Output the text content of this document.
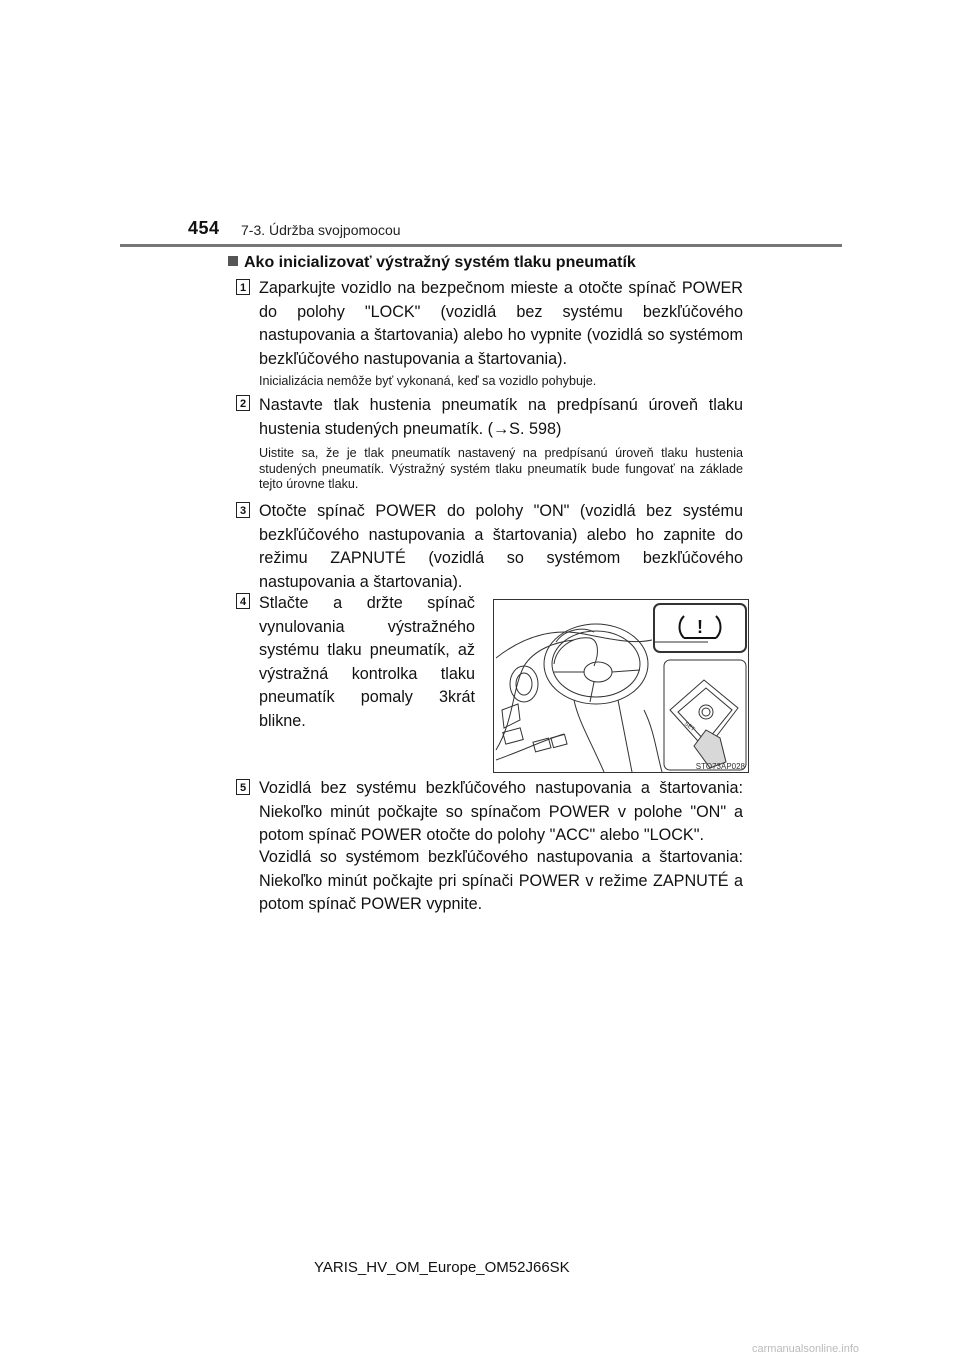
454 7-3. Údržba svojpomocou
Ako inicializovať výstražný systém tlaku pneumatík
1 Zaparkujte vozidlo na bezpečnom mieste a otočte spínač POWER do polohy "LOCK" (vozidlá bez systému bezkľúčového nastupovania a štartovania) alebo ho vypnite (vozidlá so systémom bezkľúčového nastupovania a štartovania).
Inicializácia nemôže byť vykonaná, keď sa vozidlo pohybuje.
2 Nastavte tlak hustenia pneumatík na predpísanú úroveň tlaku hustenia studených pneumatík. (→S. 598)
Uistite sa, že je tlak pneumatík nastavený na predpísanú úroveň tlaku hustenia studených pneumatík. Výstražný systém tlaku pneumatík bude fungovať na základe tejto úrovne tlaku.
3 Otočte spínač POWER do polohy "ON" (vozidlá bez systému bezkľúčového nastupovania a štartovania) alebo ho zapnite do režimu ZAPNUTÉ (vozidlá so systémom bezkľúčového nastupovania a štartovania).
4 Stlačte a držte spínač vynulovania výstražného systému tlaku pneumatík, až výstražná kontrolka tlaku pneumatík pomaly 3krát blikne.
!
SET
STO73AP028
5 Vozidlá bez systému bezkľúčového nastupovania a štartovania: Niekoľko minút počkajte so spínačom POWER v polohe "ON" a potom spínač POWER otočte do polohy "ACC" alebo "LOCK".
Vozidlá so systémom bezkľúčového nastupovania a štartovania: Niekoľko minút počkajte pri spínači POWER v režime ZAPNUTÉ a potom spínač POWER vypnite.
YARIS_HV_OM_Europe_OM52J66SK
carmanualsonline.info
